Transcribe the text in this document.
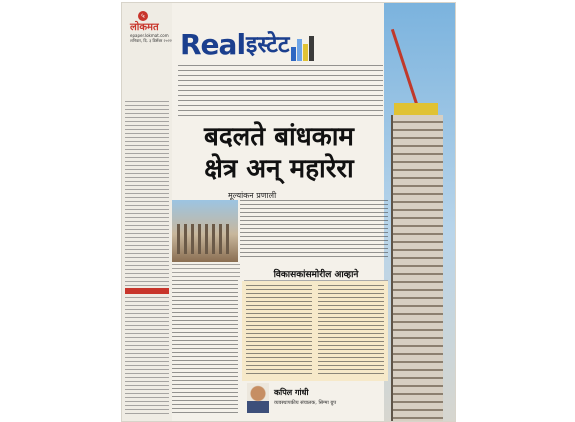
५
लोकमत
epaper.lokmat.com
शनिवार, दि. ३ डिसेंबर २०२२ Real इस्टेट
बदलते बांधकाम
क्षेत्र अन् महारेरा
मूल्यांकन प्रणाली
विकासकांसमोरील आव्हाने
कपिल गांधी
व्यवस्थापकीय संचालक, सिग्मा ग्रुप
